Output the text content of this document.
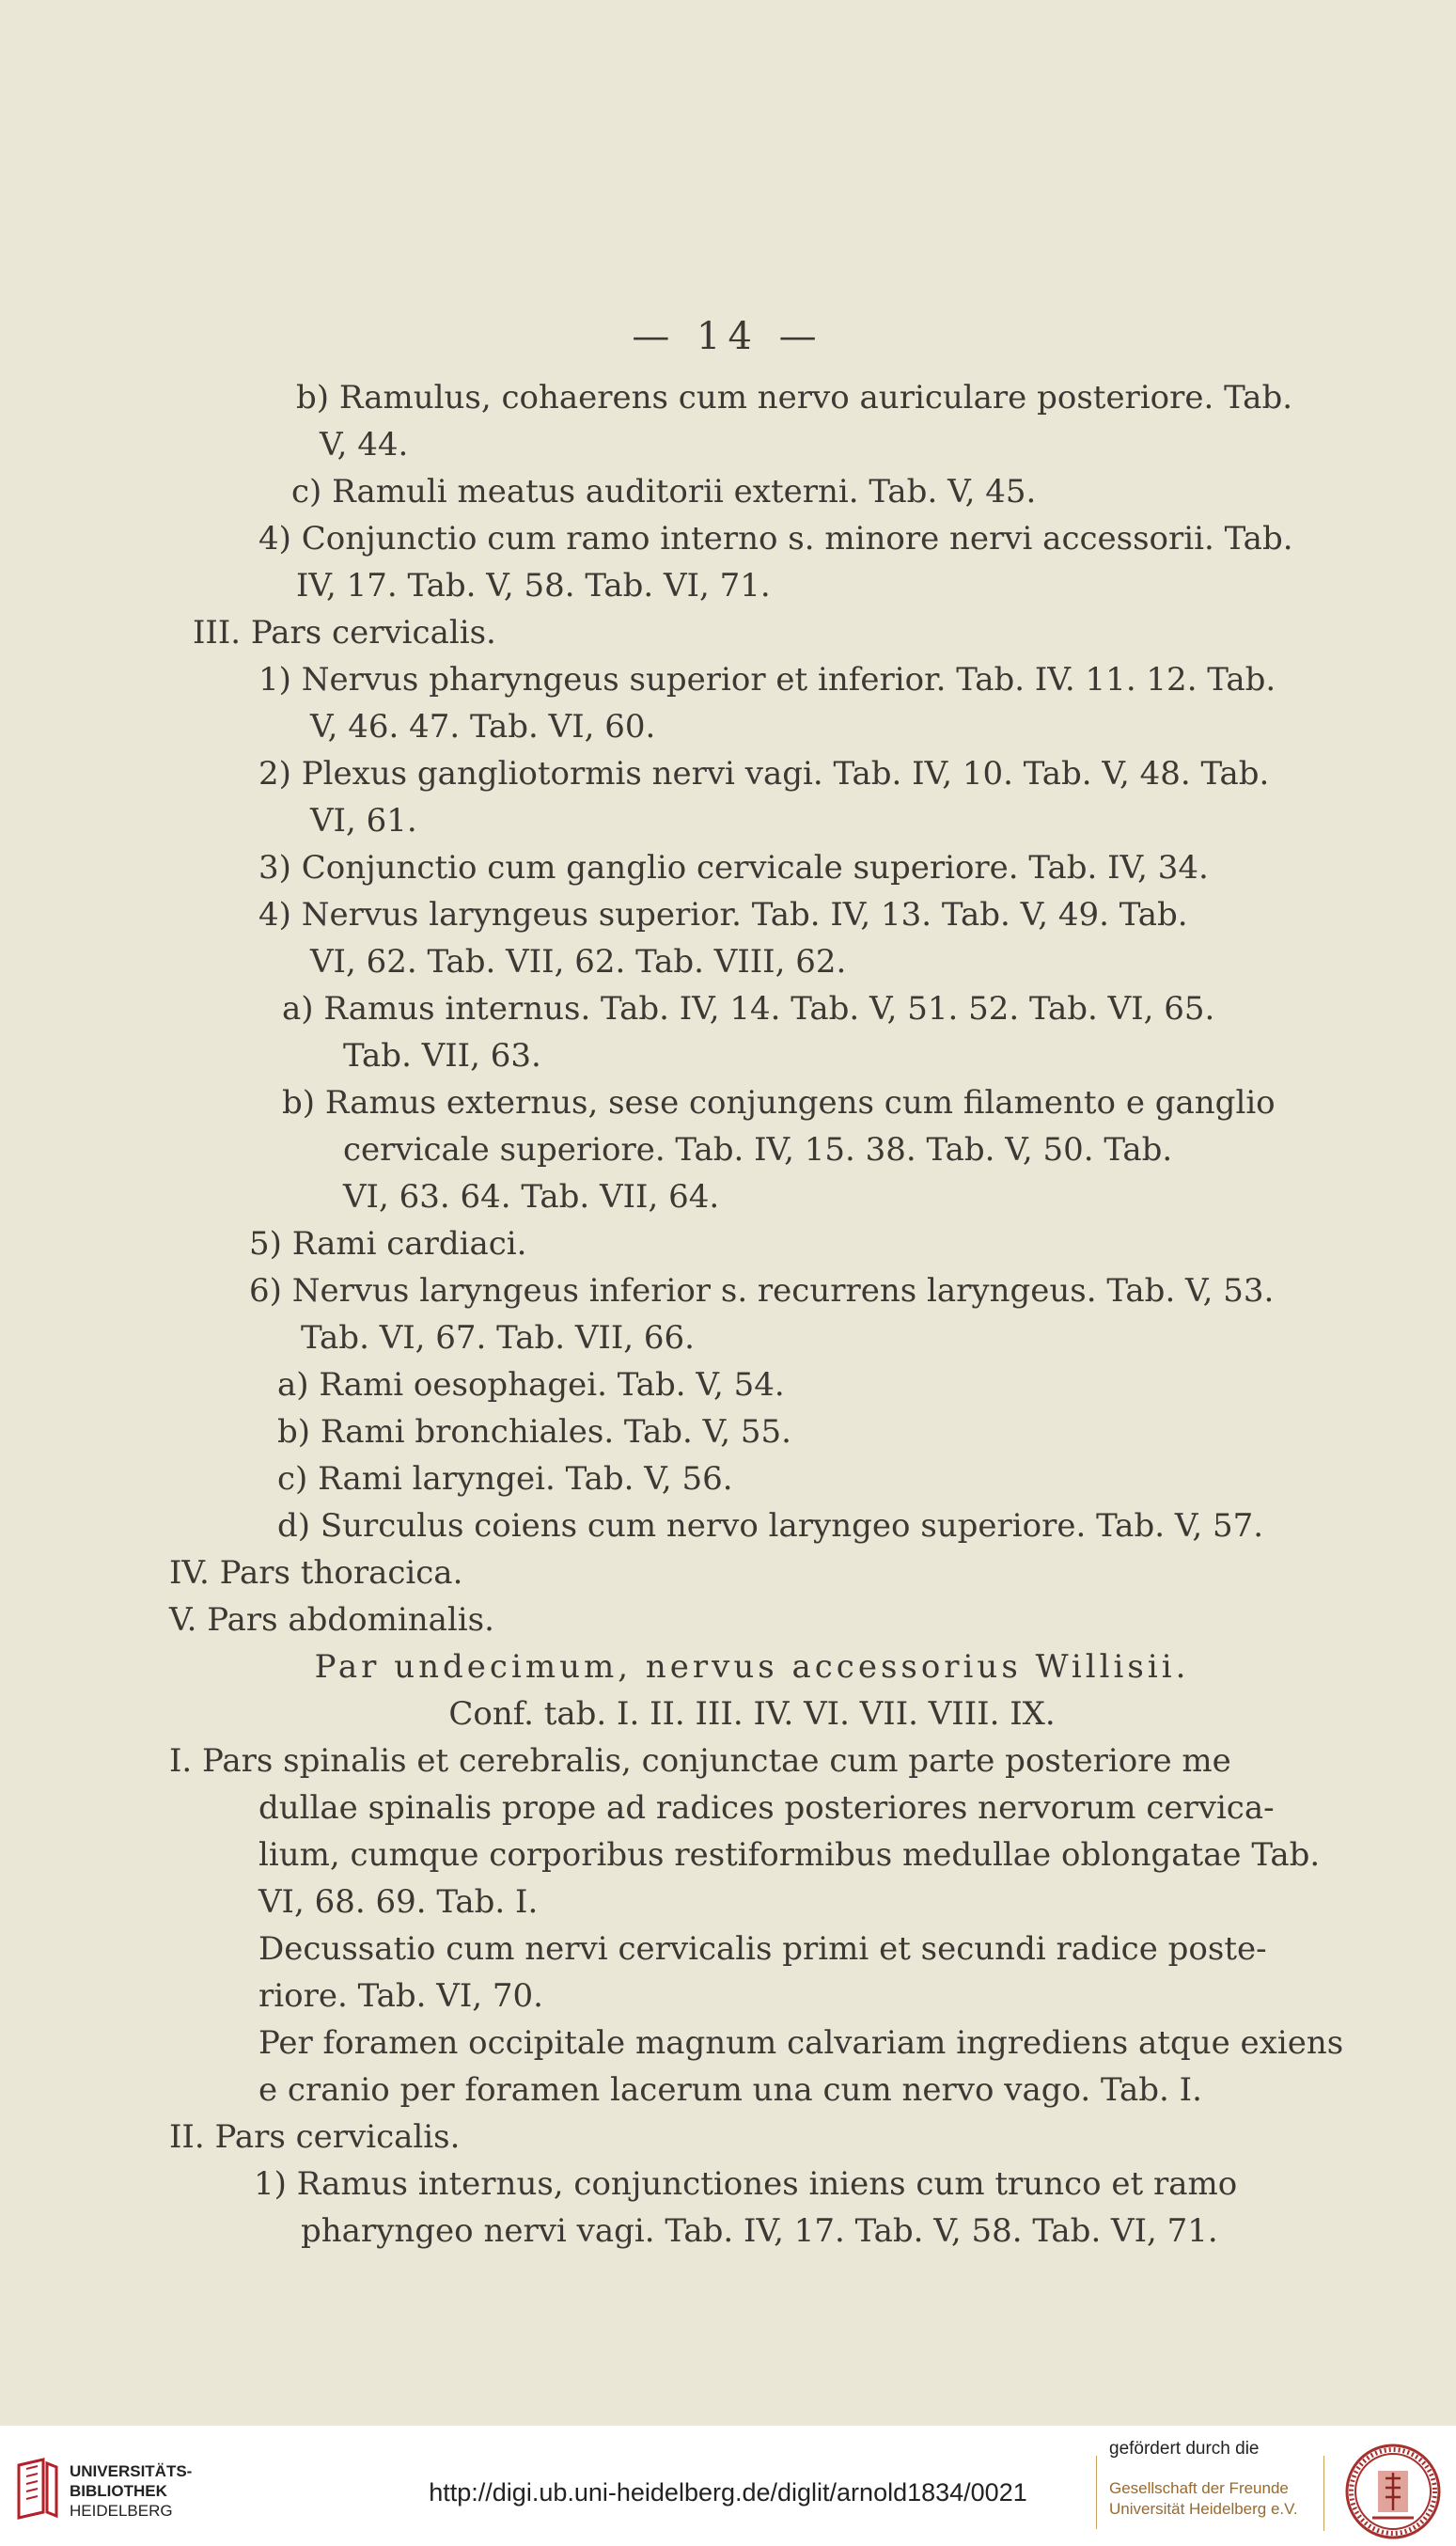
— 14 —
b) Ramulus, cohaerens cum nervo auriculare posteriore. Tab.
V, 44.
c) Ramuli meatus auditorii externi. Tab. V, 45.
4) Conjunctio cum ramo interno s. minore nervi accessorii. Tab.
IV, 17. Tab. V, 58. Tab. VI, 71.
III. Pars cervicalis.
1) Nervus pharyngeus superior et inferior. Tab. IV. 11. 12. Tab.
V, 46. 47. Tab. VI, 60.
2) Plexus gangliotormis nervi vagi. Tab. IV, 10. Tab. V, 48. Tab.
VI, 61.
3) Conjunctio cum ganglio cervicale superiore. Tab. IV, 34.
4) Nervus laryngeus superior. Tab. IV, 13. Tab. V, 49. Tab.
VI, 62. Tab. VII, 62. Tab. VIII, 62.
a) Ramus internus. Tab. IV, 14. Tab. V, 51. 52. Tab. VI, 65.
Tab. VII, 63.
b) Ramus externus, sese conjungens cum filamento e ganglio
cervicale superiore. Tab. IV, 15. 38. Tab. V, 50. Tab.
VI, 63. 64. Tab. VII, 64.
5) Rami cardiaci.
6) Nervus laryngeus inferior s. recurrens laryngeus. Tab. V, 53.
Tab. VI, 67. Tab. VII, 66.
a) Rami oesophagei. Tab. V, 54.
b) Rami bronchiales. Tab. V, 55.
c) Rami laryngei. Tab. V, 56.
d) Surculus coiens cum nervo laryngeo superiore. Tab. V, 57.
IV. Pars thoracica.
V. Pars abdominalis.
Par undecimum, nervus accessorius Willisii.
Conf. tab. I. II. III. IV. VI. VII. VIII. IX.
I. Pars spinalis et cerebralis, conjunctae cum parte posteriore me
dullae spinalis prope ad radices posteriores nervorum cervica-
lium, cumque corporibus restiformibus medullae oblongatae Tab.
VI, 68. 69. Tab. I.
Decussatio cum nervi cervicalis primi et secundi radice poste-
riore. Tab. VI, 70.
Per foramen occipitale magnum calvariam ingrediens atque exiens
e cranio per foramen lacerum una cum nervo vago. Tab. I.
II. Pars cervicalis.
1) Ramus internus, conjunctiones iniens cum trunco et ramo
pharyngeo nervi vagi. Tab. IV, 17. Tab. V, 58. Tab. VI, 71.
UNIVERSITÄTS-
BIBLIOTHEK
HEIDELBERG
http://digi.ub.uni-heidelberg.de/diglit/arnold1834/0021
gefördert durch die
Gesellschaft der Freunde
Universität Heidelberg e.V.
